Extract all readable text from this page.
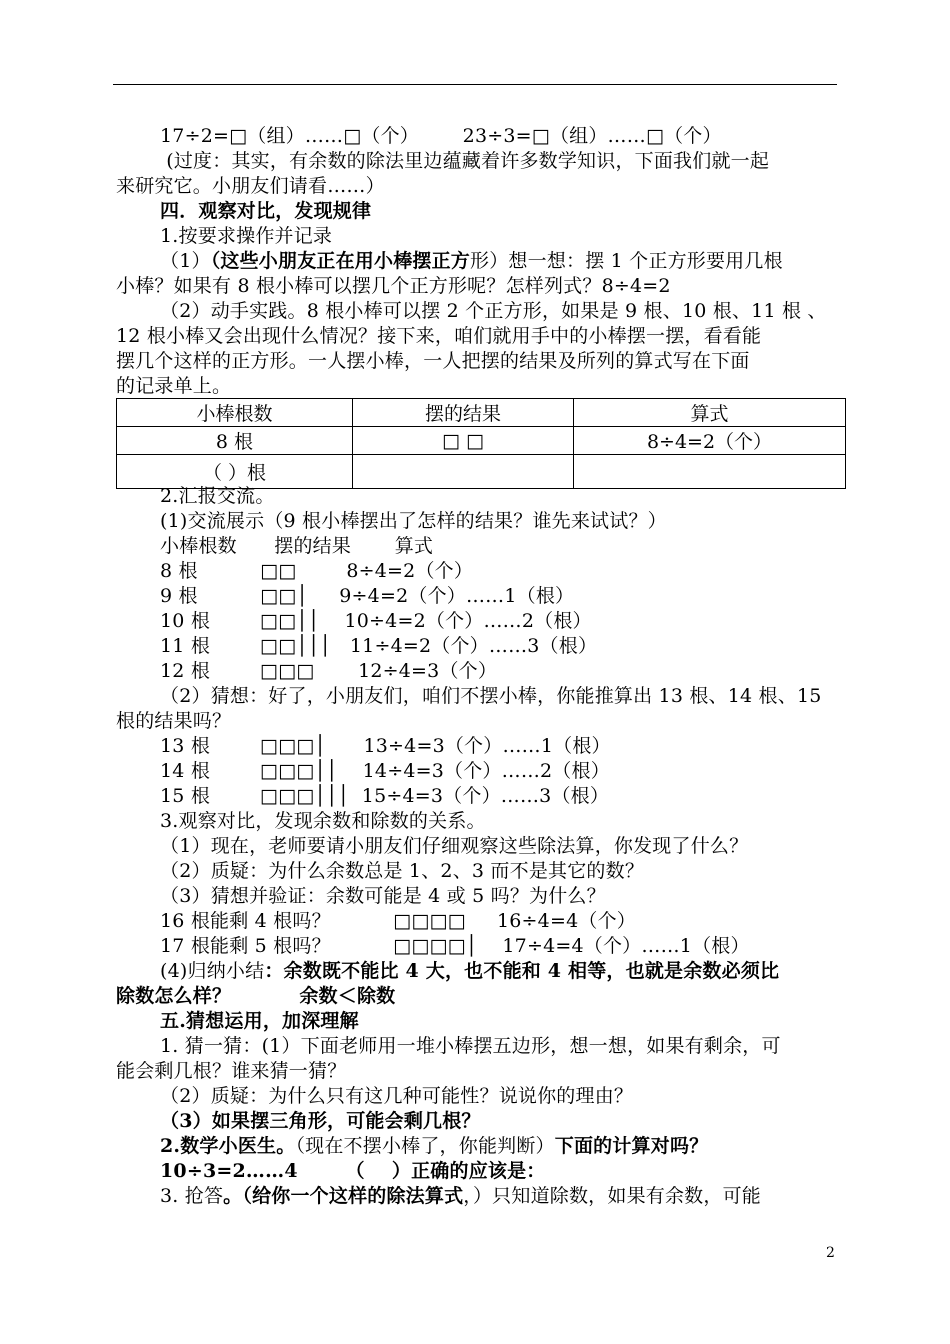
17÷2=□（组）……□（个）       23÷3=□（组）……□（个）
(过度：其实，有余数的除法里边蕴藏着许多数学知识，下面我们就一起
来研究它。小朋友们请看……）
四．观察对比，发现规律
1.按要求操作并记录
（1）（这些小朋友正在用小棒摆正方形）想一想：摆 1 个正方形要用几根
小棒？如果有 8 根小棒可以摆几个正方形呢？怎样列式？8÷4=2
（2）动手实践。8 根小棒可以摆 2 个正方形，如果是 9 根、10 根、11 根 、
12 根小棒又会出现什么情况？接下来，咱们就用手中的小棒摆一摆，看看能
摆几个这样的正方形。一人摆小棒，一人把摆的结果及所列的算式写在下面
的记录单上。
2.汇报交流。
(1)交流展示（9 根小棒摆出了怎样的结果？谁先来试试？）
小棒根数      摆的结果       算式
8 根          □□        8÷4=2（个）
9 根          □□│     9÷4=2（个）……1（根）
10 根        □□││    10÷4=2（个）……2（根）
11 根        □□│││   11÷4=2（个）……3（根）
12 根        □□□       12÷4=3（个）
（2）猜想：好了，小朋友们，咱们不摆小棒，你能推算出 13 根、14 根、15
根的结果吗？
13 根        □□□│      13÷4=3（个）……1（根）
14 根        □□□││    14÷4=3（个）……2（根）
15 根        □□□│││  15÷4=3（个）……3（根）
3.观察对比，发现余数和除数的关系。
（1）现在，老师要请小朋友们仔细观察这些除法算，你发现了什么？
（2）质疑：为什么余数总是 1、2、3 而不是其它的数？
（3）猜想并验证：余数可能是 4 或 5 吗？为什么？
16 根能剩 4 根吗？          □□□□     16÷4=4（个）
17 根能剩 5 根吗？          □□□□│    17÷4=4（个）……1（根）
(4)归纳小结：余数既不能比 4 大，也不能和 4 相等，也就是余数必须比
除数怎么样？          余数＜除数
五.猜想运用，加深理解
1. 猜一猜：(1）下面老师用一堆小棒摆五边形，想一想，如果有剩余，可
能会剩几根？谁来猜一猜？
（2）质疑：为什么只有这几种可能性？说说你的理由？
（3）如果摆三角形，可能会剩几根？
2.数学小医生。（现在不摆小棒了，你能判断）下面的计算对吗？
10÷3=2……4       （    ）正确的应该是：
3. 抢答。（给你一个这样的除法算式，）只知道除数，如果有余数，可能
小棒根数	摆的结果	算式
8 根	□ □	8÷4=2（个）
（ ）根		
2
